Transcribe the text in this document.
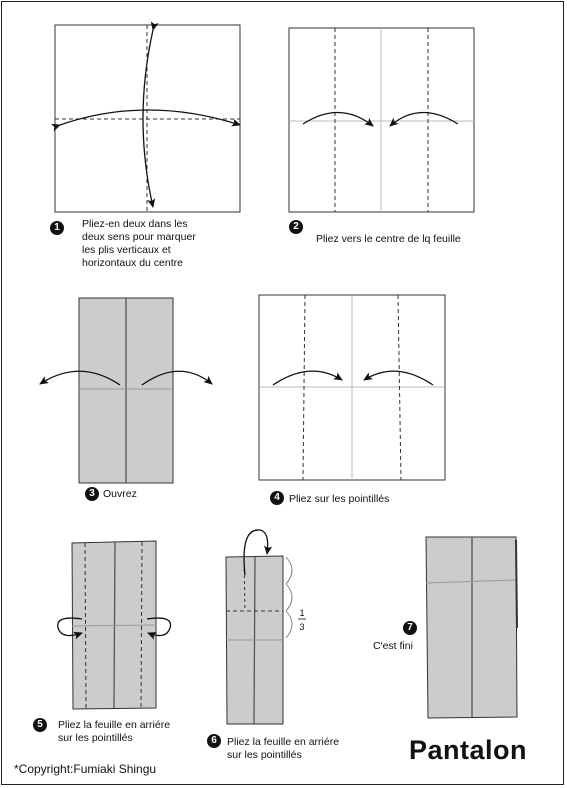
1	Pliez-en deux dans les
deux sens pour marquer
les plis verticaux et
horizontaux du centre
2
Pliez vers le centre de lq feuille
3 Ouvrez	4 Pliez sur les pointillés
5	Pliez la feuille en arriére
sur les pointillés
1
3
6 Pliez la feuille en arriére
sur les pointillés
7
C'est fini
Pantalon
*Copyright:Fumiaki Shingu
